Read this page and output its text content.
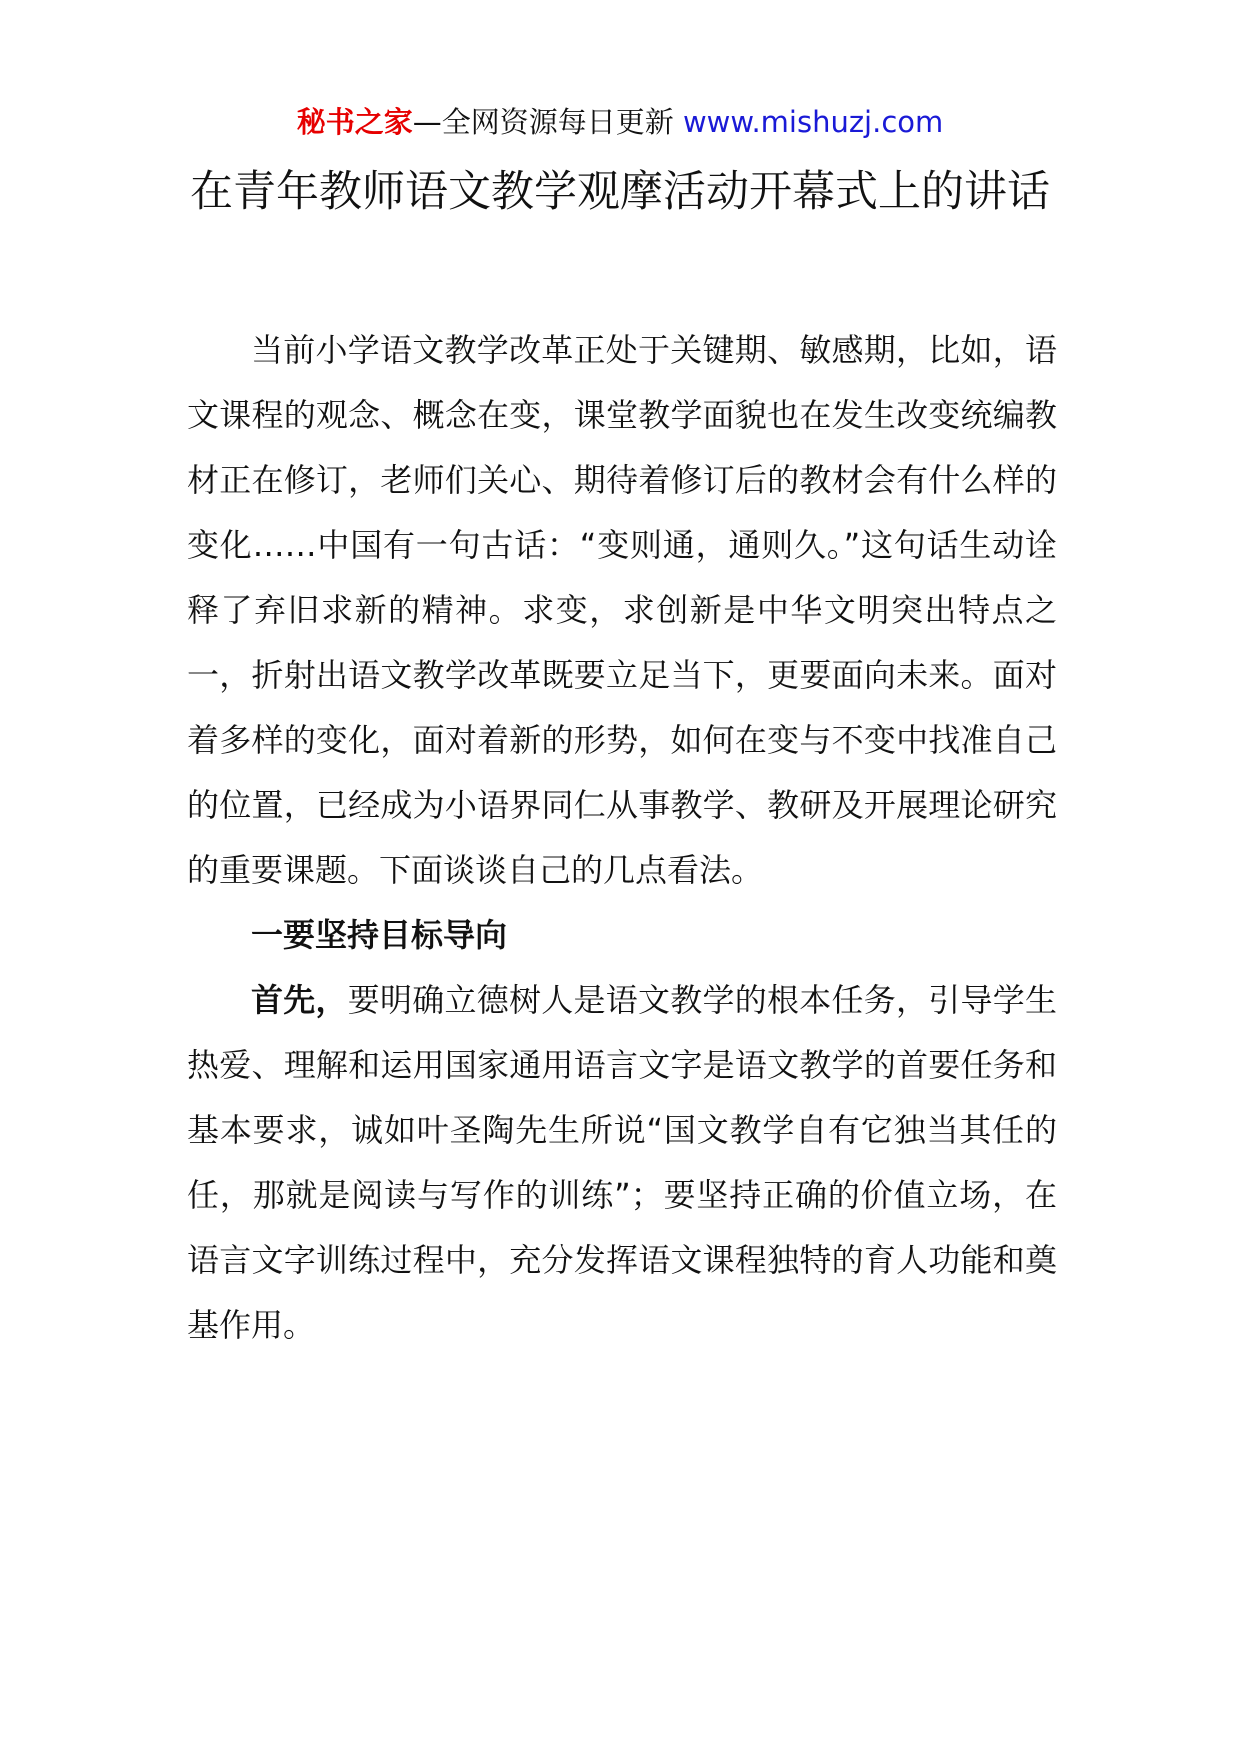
秘书之家—全网资源每日更新 www.mishuzj.com
在青年教师语文教学观摩活动开幕式上的讲话

当前小学语文教学改革正处于关键期、敏感期，比如，语文课程的观念、概念在变，课堂教学面貌也在发生改变统编教材正在修订，老师们关心、期待着修订后的教材会有什么样的变化……中国有一句古话：“变则通，通则久。”这句话生动诠释了弃旧求新的精神。求变，求创新是中华文明突出特点之一，折射出语文教学改革既要立足当下，更要面向未来。面对着多样的变化，面对着新的形势，如何在变与不变中找准自己的位置，已经成为小语界同仁从事教学、教研及开展理论研究的重要课题。下面谈谈自己的几点看法。

一要坚持目标导向

首先，要明确立德树人是语文教学的根本任务，引导学生热爱、理解和运用国家通用语言文字是语文教学的首要任务和基本要求，诚如叶圣陶先生所说“国文教学自有它独当其任的任，那就是阅读与写作的训练”；要坚持正确的价值立场，在语言文字训练过程中，充分发挥语文课程独特的育人功能和奠基作用。
